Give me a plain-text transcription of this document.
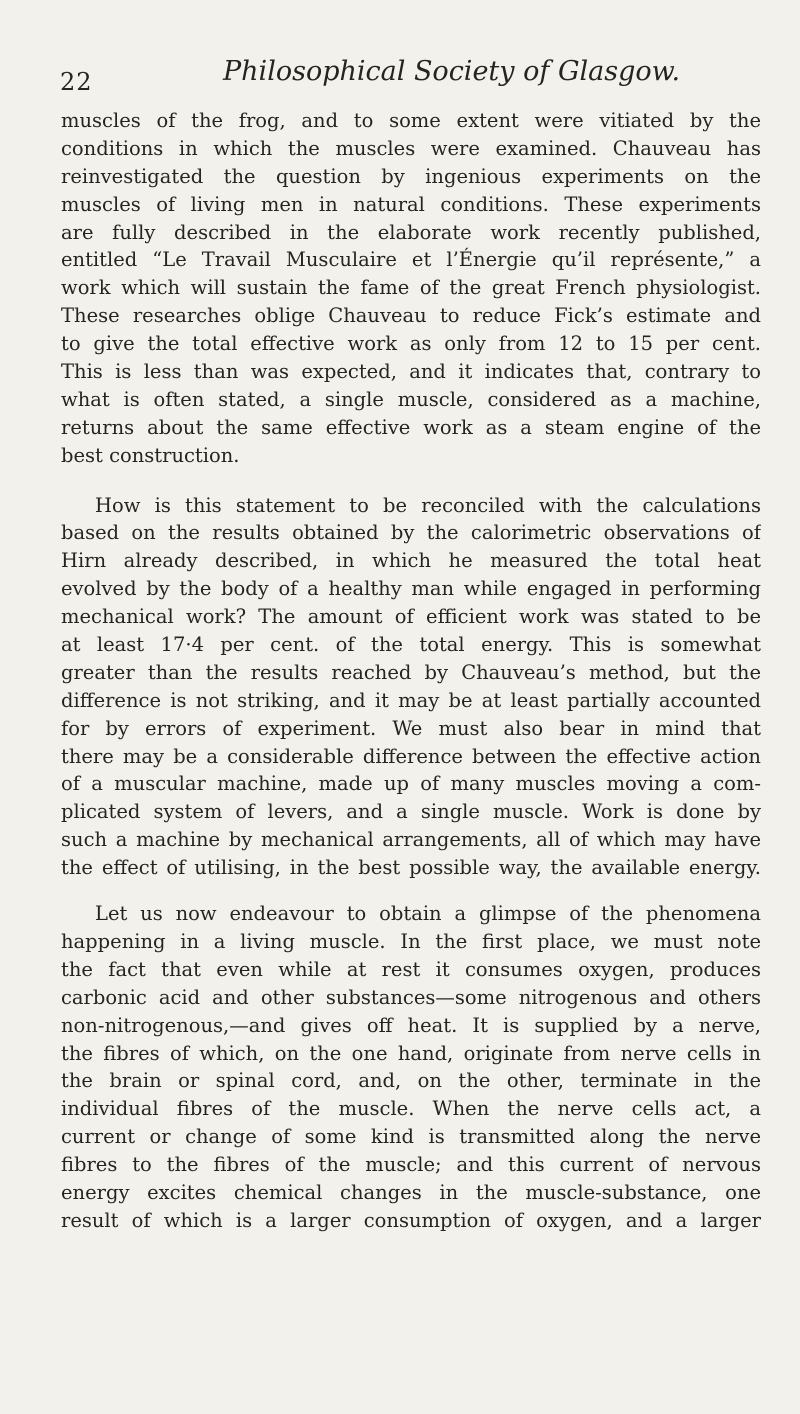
22	Philosophical Society of Glasgow.
muscles of the frog, and to some extent were vitiated by the
conditions in which the muscles were examined. Chauveau has
reinvestigated the question by ingenious experiments on the
muscles of living men in natural conditions. These experiments
are fully described in the elaborate work recently published,
entitled “Le Travail Musculaire et l’Énergie qu’il représente,” a
work which will sustain the fame of the great French physiologist.
These researches oblige Chauveau to reduce Fick’s estimate and
to give the total effective work as only from 12 to 15 per cent.
This is less than was expected, and it indicates that, contrary to
what is often stated, a single muscle, considered as a machine,
returns about the same effective work as a steam engine of the
best construction.
How is this statement to be reconciled with the calculations
based on the results obtained by the calorimetric observations of
Hirn already described, in which he measured the total heat
evolved by the body of a healthy man while engaged in performing
mechanical work? The amount of efficient work was stated to be
at least 17·4 per cent. of the total energy. This is somewhat
greater than the results reached by Chauveau’s method, but the
difference is not striking, and it may be at least partially accounted
for by errors of experiment. We must also bear in mind that
there may be a considerable difference between the effective action
of a muscular machine, made up of many muscles moving a com-
plicated system of levers, and a single muscle. Work is done by
such a machine by mechanical arrangements, all of which may have
the effect of utilising, in the best possible way, the available energy.
Let us now endeavour to obtain a glimpse of the phenomena
happening in a living muscle. In the first place, we must note
the fact that even while at rest it consumes oxygen, produces
carbonic acid and other substances—some nitrogenous and others
non-nitrogenous,—and gives off heat. It is supplied by a nerve,
the fibres of which, on the one hand, originate from nerve cells in
the brain or spinal cord, and, on the other, terminate in the
individual fibres of the muscle. When the nerve cells act, a
current or change of some kind is transmitted along the nerve
fibres to the fibres of the muscle; and this current of nervous
energy excites chemical changes in the muscle-substance, one
result of which is a larger consumption of oxygen, and a larger
